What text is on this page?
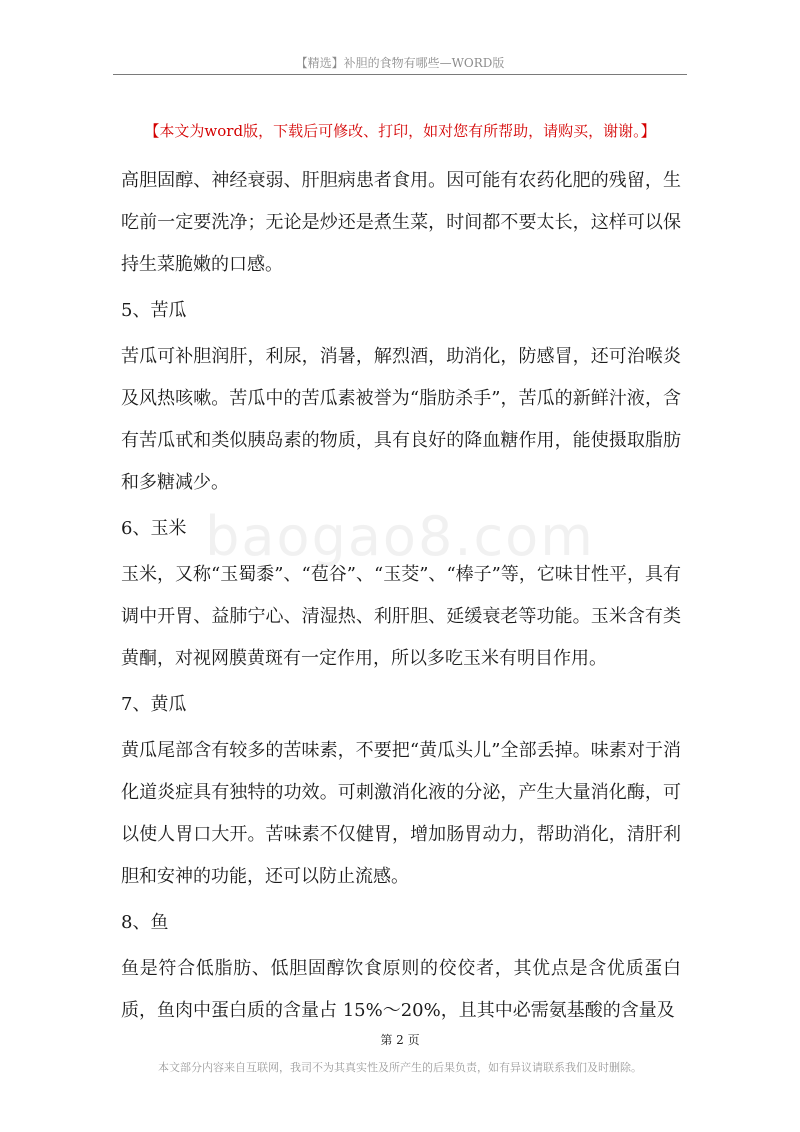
【精选】补胆的食物有哪些—WORD版
【本文为word版，下载后可修改、打印，如对您有所帮助，请购买，谢谢。】
baogao8.com

高胆固醇、神经衰弱、肝胆病患者食用。因可能有农药化肥的残留，生吃前一定要洗净；无论是炒还是煮生菜，时间都不要太长，这样可以保持生菜脆嫩的口感。

5、苦瓜

苦瓜可补胆润肝，利尿，消暑，解烈酒，助消化，防感冒，还可治喉炎及风热咳嗽。苦瓜中的苦瓜素被誉为“脂肪杀手”，苦瓜的新鲜汁液，含有苦瓜甙和类似胰岛素的物质，具有良好的降血糖作用，能使摄取脂肪和多糖减少。

6、玉米

玉米，又称“玉蜀黍”、“苞谷”、“玉茭”、“棒子”等，它味甘性平，具有调中开胃、益肺宁心、清湿热、利肝胆、延缓衰老等功能。玉米含有类黄酮，对视网膜黄斑有一定作用，所以多吃玉米有明目作用。

7、黄瓜

黄瓜尾部含有较多的苦味素，不要把“黄瓜头儿”全部丢掉。味素对于消化道炎症具有独特的功效。可刺激消化液的分泌，产生大量消化酶，可以使人胃口大开。苦味素不仅健胃，增加肠胃动力，帮助消化，清肝利胆和安神的功能，还可以防止流感。

8、鱼

鱼是符合低脂肪、低胆固醇饮食原则的佼佼者，其优点是含优质蛋白质，鱼肉中蛋白质的含量占 15%～20%，且其中必需氨基酸的含量及

第 2 页
本文部分内容来自互联网，我司不为其真实性及所产生的后果负责，如有异议请联系我们及时删除。
